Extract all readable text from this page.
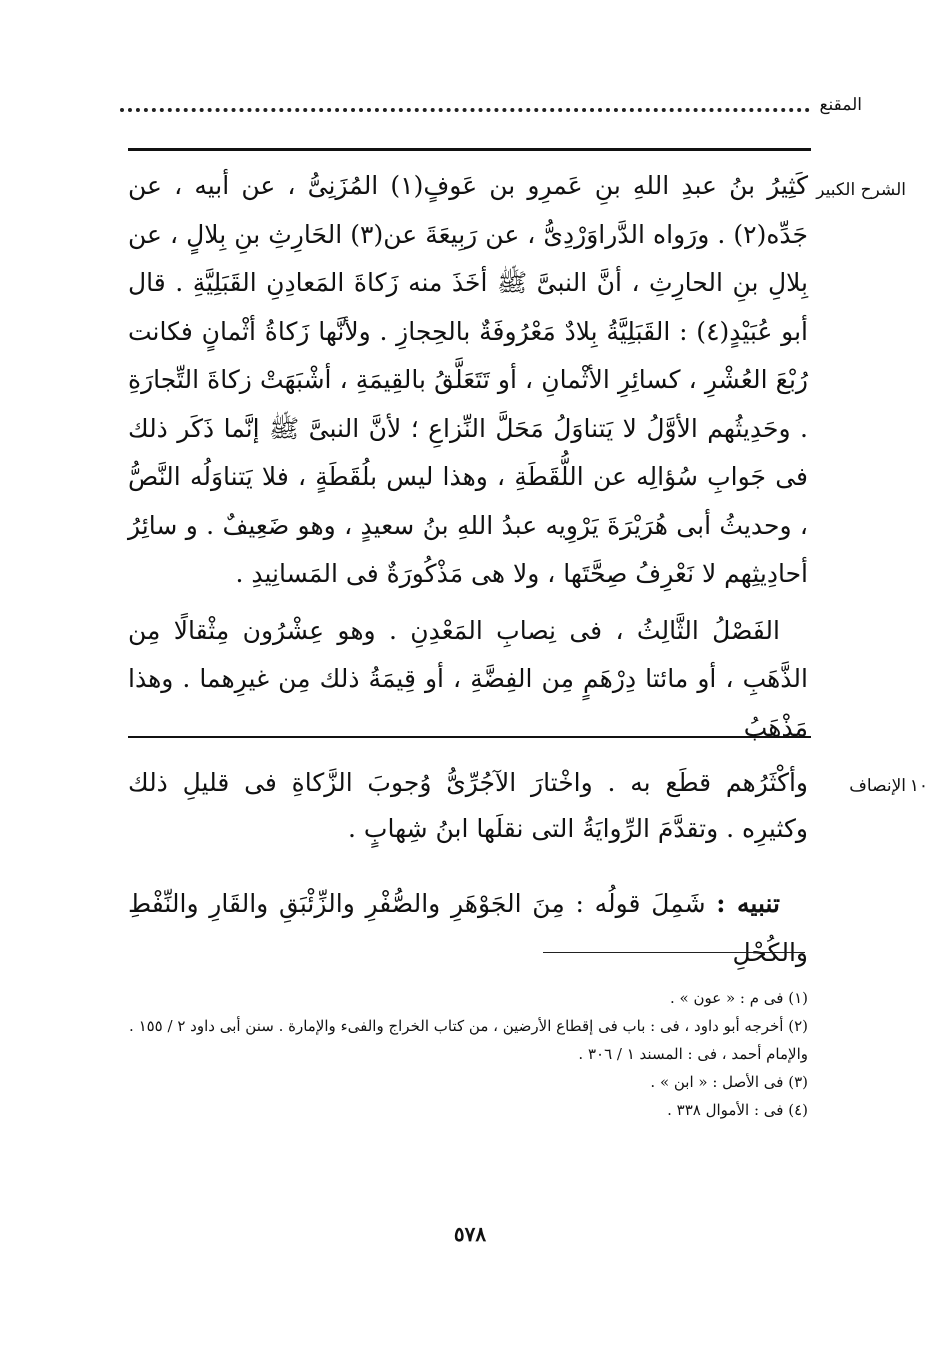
المقنع
الشرح الكبير
الإنصاف ١٠

كَثِيرُ بنُ عبدِ اللهِ بنِ عَمرِو بن عَوفٍ(١) المُزَنِىُّ ، عن أبيه ، عن جَدِّه(٢) . ورَواه الدَّراوَرْدِىُّ ، عن رَبِيعَةَ عن(٣) الحَارِثِ بنِ بِلالٍ ، عن بِلالِ بنِ الحارِثِ ، أنَّ النبىَّ ﷺ أخَذَ منه زَكاةَ المَعادِنِ القَبَلِيَّةِ . قال أبو عُبَيْدٍ(٤) : القَبَلِيَّةُ بِلادٌ مَعْرُوفَةٌ بالحِجازِ . ولأنَّها زَكاةُ أثْمانٍ فكانت رُبْعَ العُشْرِ ، كسائِرِ الأثْمانِ ، أو تَتَعَلَّقُ بالقِيمَةِ ، أشْبَهَتْ زكاةَ التِّجارَةِ . وحَدِيثُهم الأوَّلُ لا يَتناوَلُ مَحَلَّ النِّزاعِ ؛ لأنَّ النبىَّ ﷺ إنَّما ذَكَر ذلك فى جَوابِ سُؤالِه عن اللُّقَطَةِ ، وهذا ليس بلُقَطَةٍ ، فلا يَتناوَلُه النَّصُّ ، وحديثُ أبى هُرَيْرَةَ يَرْوِيه عبدُ اللهِ بنُ سعيدٍ ، وهو ضَعِيفٌ . و سائِرُ أحادِيثِهم لا نَعْرِفُ صِحَّتَها ، ولا هى مَذْكُورَةٌ فى المَسانِيدِ .

الفَصْلُ الثَّالِثُ ، فى نِصابِ المَعْدِنِ . وهو عِشْرُون مِثْقالًا مِن الذَّهَبِ ، أو مائتا دِرْهَمٍ مِن الفِضَّةِ ، أو قِيمَةُ ذلك مِن غيرِهما . وهذا مَذْهَبُ

وأكْثَرُهم قطَع به . واخْتارَ الآجُرِّىُّ وُجوبَ الزَّكاةِ فى قليلِ ذلك وكثيرِه . وتقدَّمَ الرِّوايَةُ التى نقلَها ابنُ شِهابٍ .

تنبيه : شَمِلَ قولُه : مِنَ الجَوْهَرِ والصُّفْرِ والزِّئْبَقِ والقَارِ والنِّفْطِ والكُحْلِ

(١) فى م : « عون » .

(٢) أخرجه أبو داود ، فى : باب فى إقطاع الأرضين ، من كتاب الخراج والفىء والإمارة . سنن أبى داود ٢ / ١٥٥ . والإمام أحمد ، فى : المسند ١ / ٣٠٦ .

(٣) فى الأصل : « ابن » .

(٤) فى : الأموال ٣٣٨ .

٥٧٨
